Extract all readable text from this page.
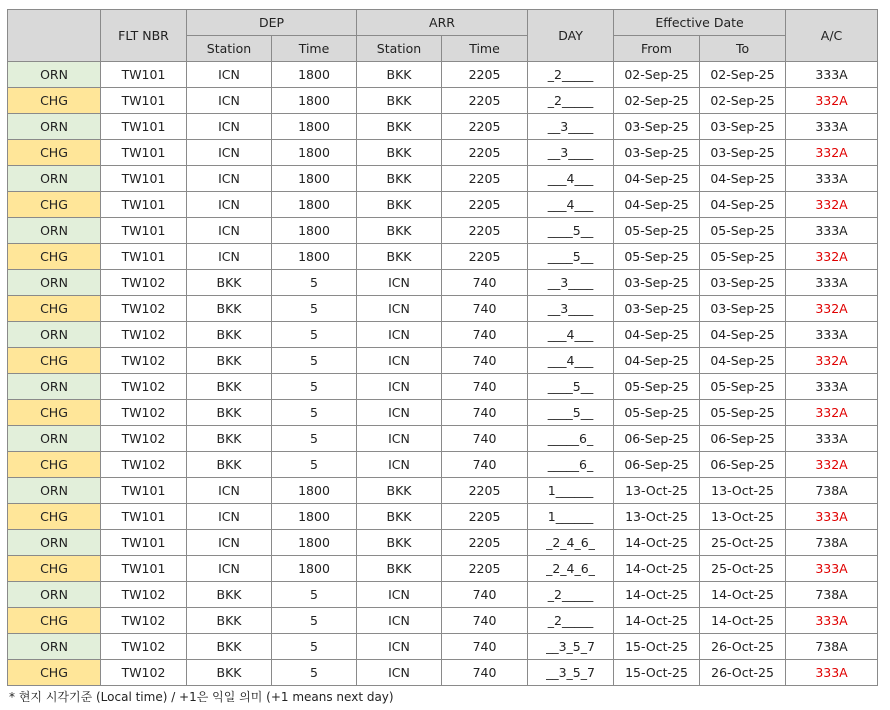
	FLT NBR	DEP		ARR		DAY	Effective Date		A/C
		Station	Time	Station	Time		From	To	
ORN	TW101	ICN	1800	BKK	2205	_2_____	02-Sep-25	02-Sep-25	333A
CHG	TW101	ICN	1800	BKK	2205	_2_____	02-Sep-25	02-Sep-25	332A
ORN	TW101	ICN	1800	BKK	2205	__3____	03-Sep-25	03-Sep-25	333A
CHG	TW101	ICN	1800	BKK	2205	__3____	03-Sep-25	03-Sep-25	332A
ORN	TW101	ICN	1800	BKK	2205	___4___	04-Sep-25	04-Sep-25	333A
CHG	TW101	ICN	1800	BKK	2205	___4___	04-Sep-25	04-Sep-25	332A
ORN	TW101	ICN	1800	BKK	2205	____5__	05-Sep-25	05-Sep-25	333A
CHG	TW101	ICN	1800	BKK	2205	____5__	05-Sep-25	05-Sep-25	332A
ORN	TW102	BKK	5	ICN	740	__3____	03-Sep-25	03-Sep-25	333A
CHG	TW102	BKK	5	ICN	740	__3____	03-Sep-25	03-Sep-25	332A
ORN	TW102	BKK	5	ICN	740	___4___	04-Sep-25	04-Sep-25	333A
CHG	TW102	BKK	5	ICN	740	___4___	04-Sep-25	04-Sep-25	332A
ORN	TW102	BKK	5	ICN	740	____5__	05-Sep-25	05-Sep-25	333A
CHG	TW102	BKK	5	ICN	740	____5__	05-Sep-25	05-Sep-25	332A
ORN	TW102	BKK	5	ICN	740	_____6_	06-Sep-25	06-Sep-25	333A
CHG	TW102	BKK	5	ICN	740	_____6_	06-Sep-25	06-Sep-25	332A
ORN	TW101	ICN	1800	BKK	2205	1______	13-Oct-25	13-Oct-25	738A
CHG	TW101	ICN	1800	BKK	2205	1______	13-Oct-25	13-Oct-25	333A
ORN	TW101	ICN	1800	BKK	2205	_2_4_6_	14-Oct-25	25-Oct-25	738A
CHG	TW101	ICN	1800	BKK	2205	_2_4_6_	14-Oct-25	25-Oct-25	333A
ORN	TW102	BKK	5	ICN	740	_2_____	14-Oct-25	14-Oct-25	738A
CHG	TW102	BKK	5	ICN	740	_2_____	14-Oct-25	14-Oct-25	333A
ORN	TW102	BKK	5	ICN	740	__3_5_7	15-Oct-25	26-Oct-25	738A
CHG	TW102	BKK	5	ICN	740	__3_5_7	15-Oct-25	26-Oct-25	333A
* 현지 시각기준 (Local time) / +1은 익일 의미 (+1 means next day)
